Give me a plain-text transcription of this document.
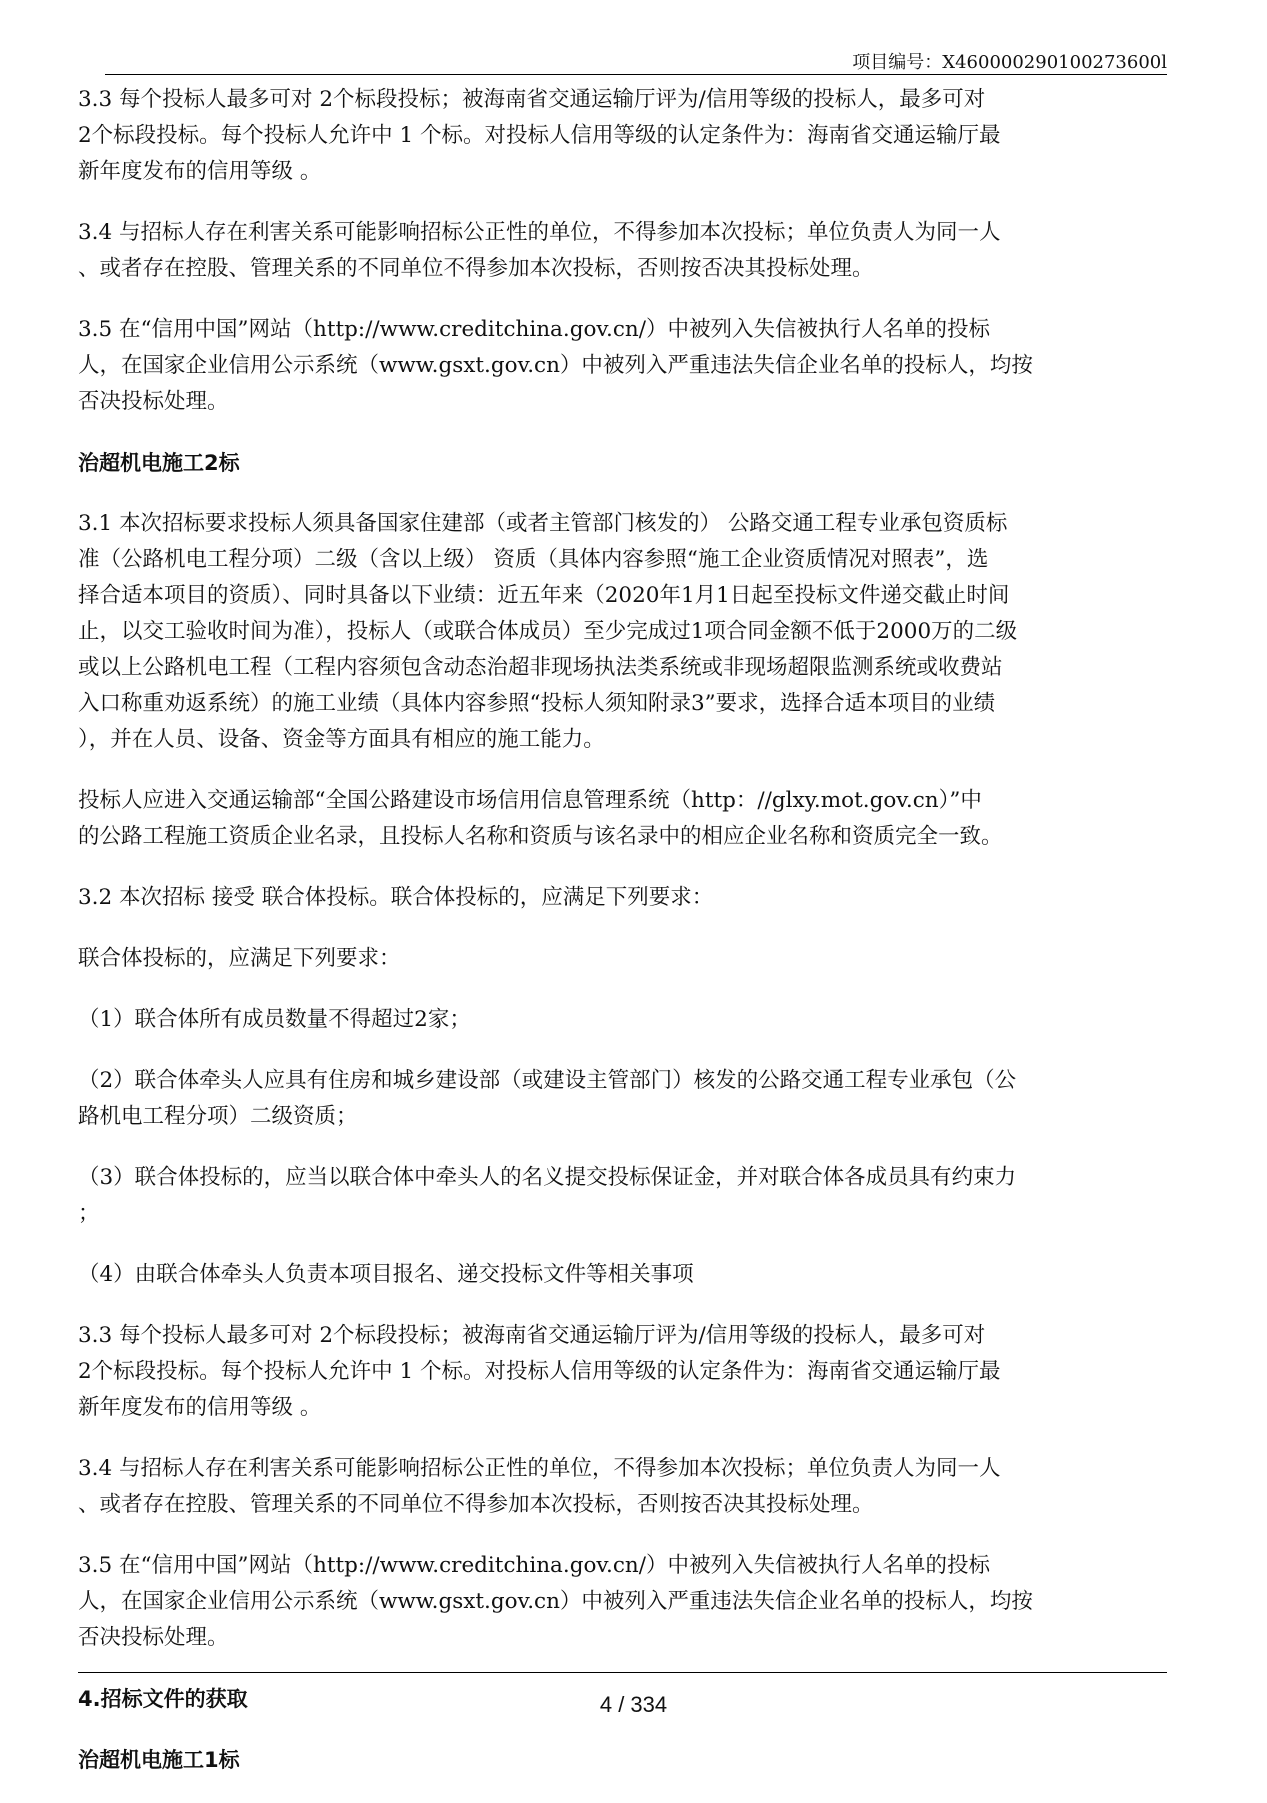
项目编号：X460000290100273600l
3.3 每个投标人最多可对 2个标段投标；被海南省交通运输厅评为/信用等级的投标人，最多可对
2个标段投标。每个投标人允许中 1 个标。对投标人信用等级的认定条件为：海南省交通运输厅最
新年度发布的信用等级 。
3.4 与招标人存在利害关系可能影响招标公正性的单位，不得参加本次投标；单位负责人为同一人
、或者存在控股、管理关系的不同单位不得参加本次投标，否则按否决其投标处理。
3.5 在“信用中国”网站（http://www.creditchina.gov.cn/）中被列入失信被执行人名单的投标
人，在国家企业信用公示系统（www.gsxt.gov.cn）中被列入严重违法失信企业名单的投标人，均按
否决投标处理。
治超机电施工2标
3.1 本次招标要求投标人须具备国家住建部（或者主管部门核发的） 公路交通工程专业承包资质标
准（公路机电工程分项）二级（含以上级） 资质（具体内容参照“施工企业资质情况对照表”，选
择合适本项目的资质）、同时具备以下业绩：近五年来（2020年1月1日起至投标文件递交截止时间
止，以交工验收时间为准），投标人（或联合体成员）至少完成过1项合同金额不低于2000万的二级
或以上公路机电工程（工程内容须包含动态治超非现场执法类系统或非现场超限监测系统或收费站
入口称重劝返系统）的施工业绩（具体内容参照“投标人须知附录3”要求，选择合适本项目的业绩
），并在人员、设备、资金等方面具有相应的施工能力。
投标人应进入交通运输部“全国公路建设市场信用信息管理系统（http：//glxy.mot.gov.cn）”中
的公路工程施工资质企业名录，且投标人名称和资质与该名录中的相应企业名称和资质完全一致。
3.2 本次招标 接受 联合体投标。联合体投标的，应满足下列要求：
联合体投标的，应满足下列要求：
（1）联合体所有成员数量不得超过2家；
（2）联合体牵头人应具有住房和城乡建设部（或建设主管部门）核发的公路交通工程专业承包（公
路机电工程分项）二级资质；
（3）联合体投标的，应当以联合体中牵头人的名义提交投标保证金，并对联合体各成员具有约束力
；
（4）由联合体牵头人负责本项目报名、递交投标文件等相关事项
3.3 每个投标人最多可对 2个标段投标；被海南省交通运输厅评为/信用等级的投标人，最多可对
2个标段投标。每个投标人允许中 1 个标。对投标人信用等级的认定条件为：海南省交通运输厅最
新年度发布的信用等级 。
3.4 与招标人存在利害关系可能影响招标公正性的单位，不得参加本次投标；单位负责人为同一人
、或者存在控股、管理关系的不同单位不得参加本次投标，否则按否决其投标处理。
3.5 在“信用中国”网站（http://www.creditchina.gov.cn/）中被列入失信被执行人名单的投标
人，在国家企业信用公示系统（www.gsxt.gov.cn）中被列入严重违法失信企业名单的投标人，均按
否决投标处理。
4.招标文件的获取
治超机电施工1标
4 / 334
